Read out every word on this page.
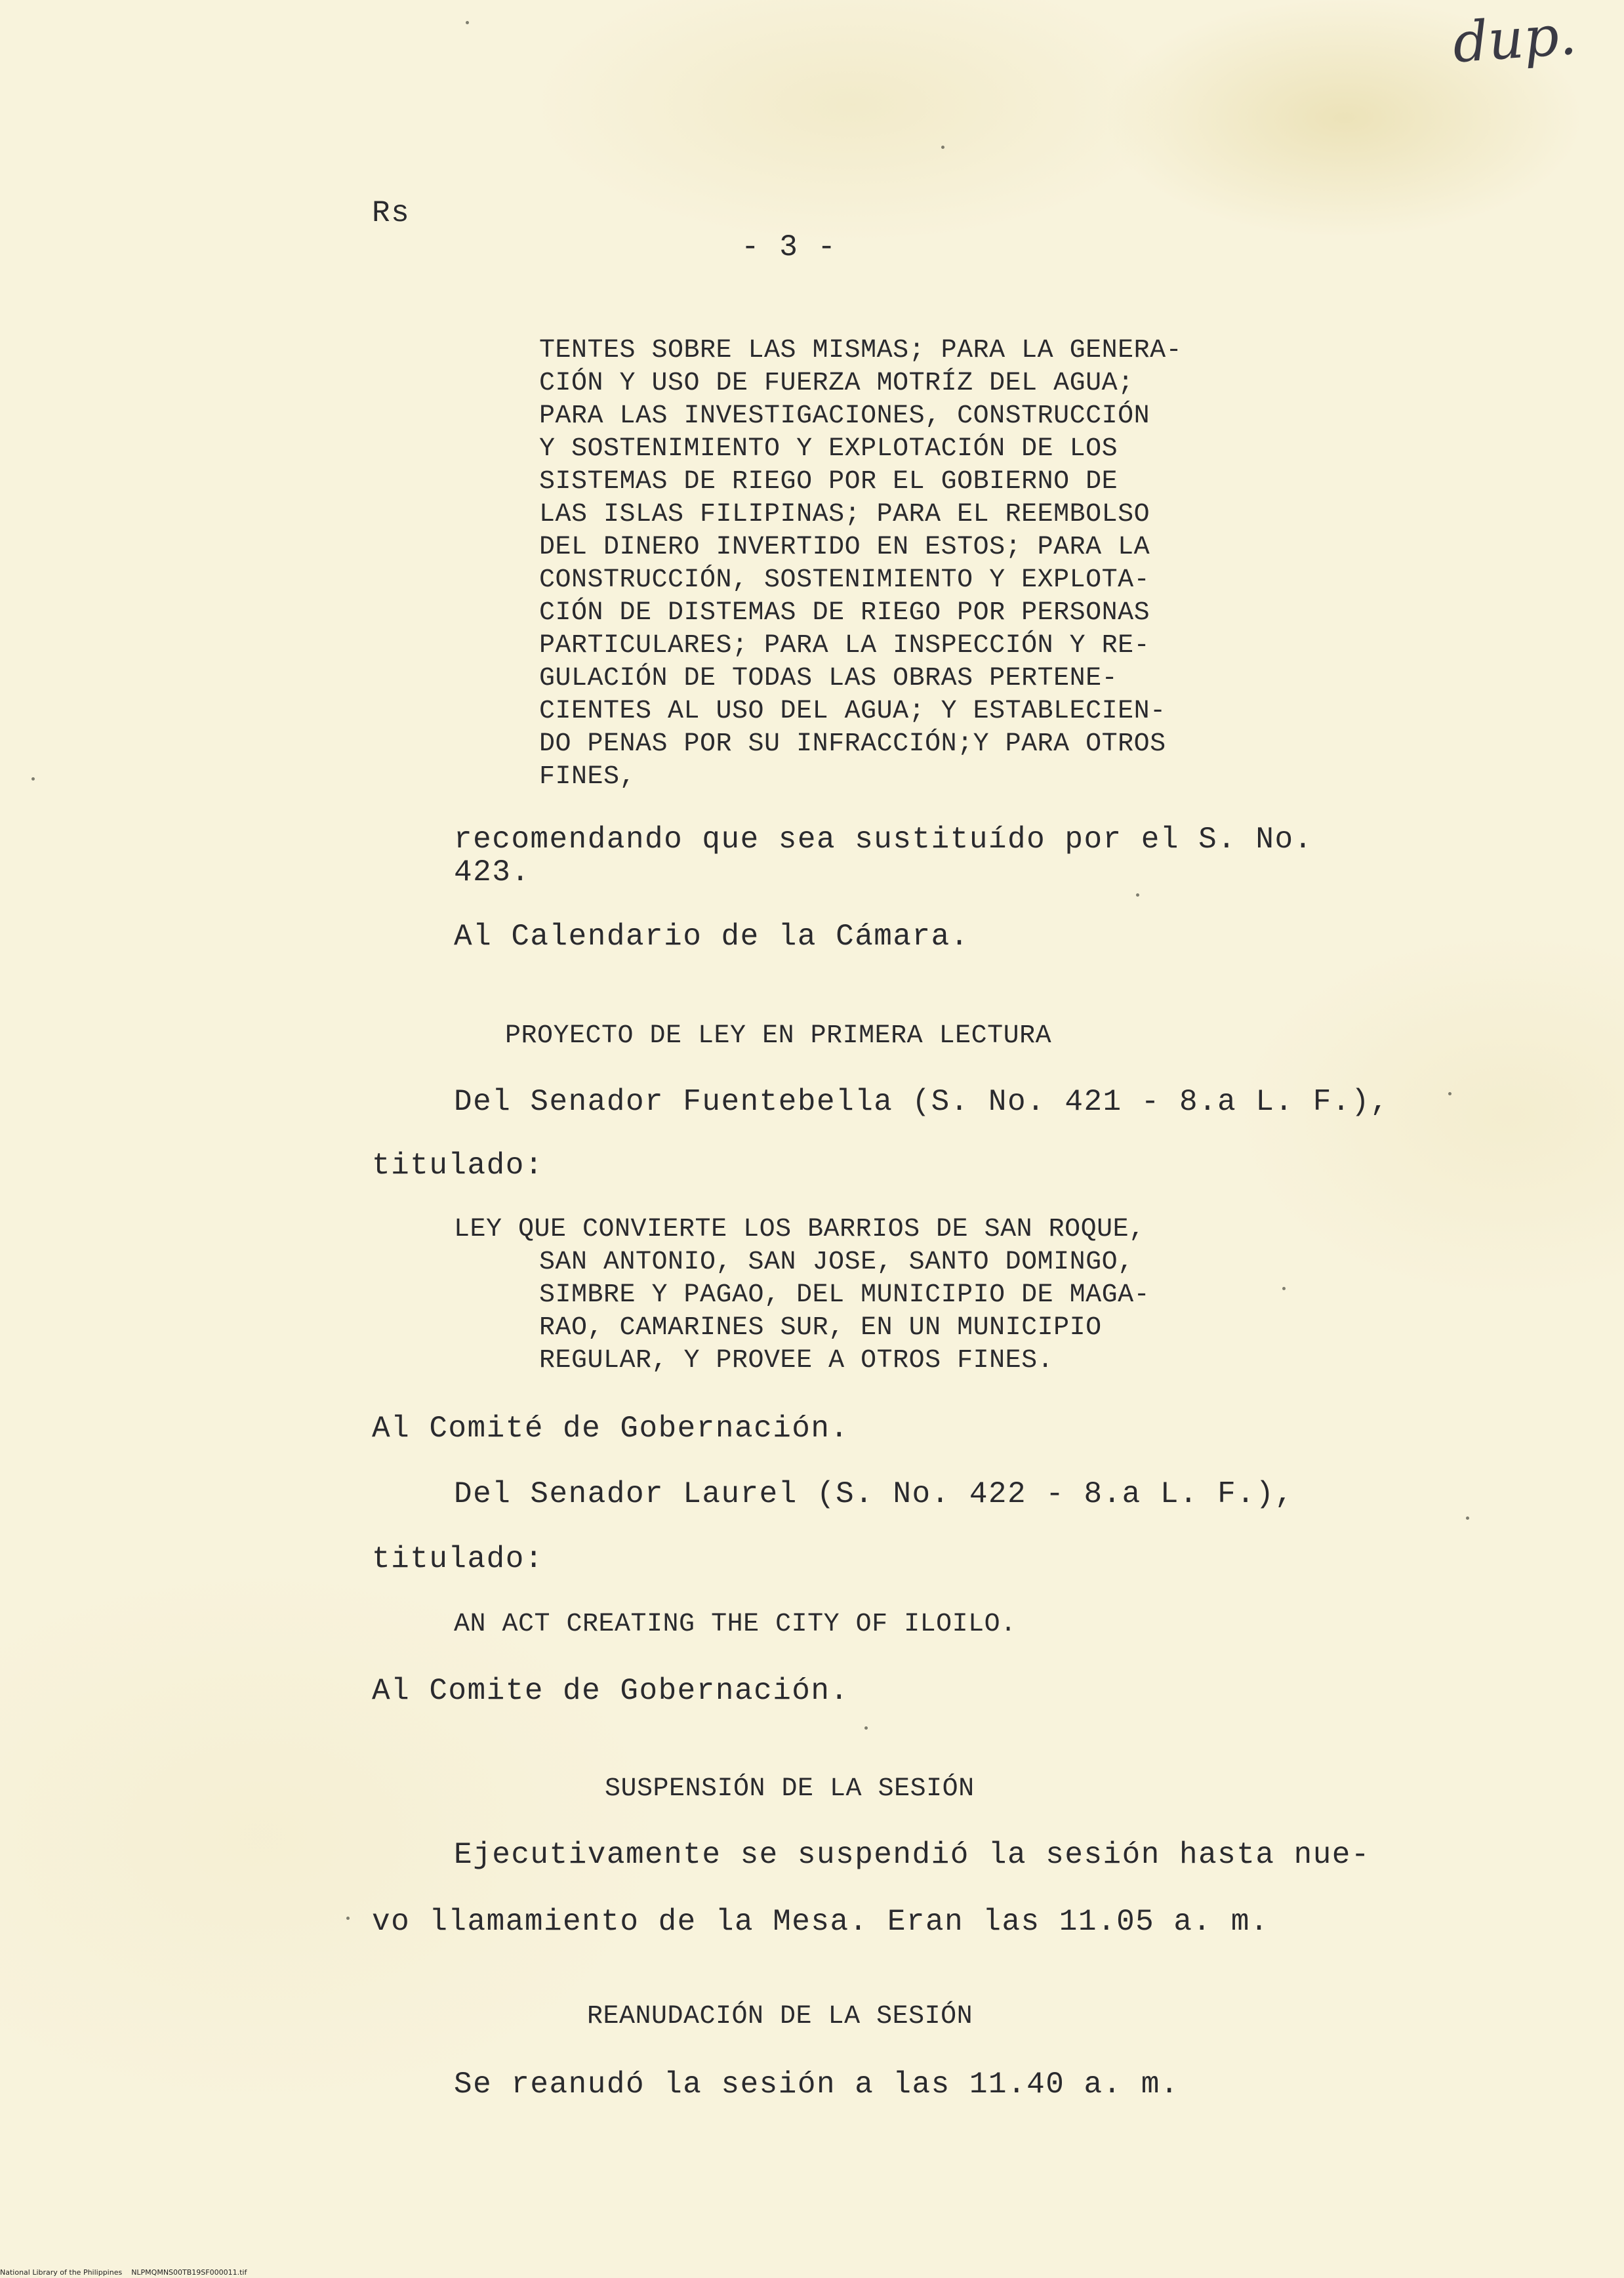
dup.
Rs
- 3 -
TENTES SOBRE LAS MISMAS; PARA LA GENERA-
CIÓN Y USO DE FUERZA MOTRÍZ DEL AGUA;
PARA LAS INVESTIGACIONES, CONSTRUCCIÓN
Y SOSTENIMIENTO Y EXPLOTACIÓN DE LOS
SISTEMAS DE RIEGO POR EL GOBIERNO DE
LAS ISLAS FILIPINAS; PARA EL REEMBOLSO
DEL DINERO INVERTIDO EN ESTOS; PARA LA
CONSTRUCCIÓN, SOSTENIMIENTO Y EXPLOTA-
CIÓN DE DISTEMAS DE RIEGO POR PERSONAS
PARTICULARES; PARA LA INSPECCIÓN Y RE-
GULACIÓN DE TODAS LAS OBRAS PERTENE-
CIENTES AL USO DEL AGUA; Y ESTABLECIEN-
DO PENAS POR SU INFRACCIÓN;Y PARA OTROS
FINES,
recomendando que sea sustituído por el S. No.
423.
Al Calendario de la Cámara.
PROYECTO DE LEY EN PRIMERA LECTURA
Del Senador Fuentebella (S. No. 421 - 8.a L. F.),
titulado:
LEY QUE CONVIERTE LOS BARRIOS DE SAN ROQUE,
SAN ANTONIO, SAN JOSE, SANTO DOMINGO,
SIMBRE Y PAGAO, DEL MUNICIPIO DE MAGA-
RAO, CAMARINES SUR, EN UN MUNICIPIO
REGULAR, Y PROVEE A OTROS FINES.
Al Comité de Gobernación.
Del Senador Laurel (S. No. 422 - 8.a L. F.),
titulado:
AN ACT CREATING THE CITY OF ILOILO.
Al Comite de Gobernación.
SUSPENSIÓN DE LA SESIÓN
Ejecutivamente se suspendió la sesión hasta nue-
vo llamamiento de la Mesa. Eran las 11.05 a. m.
REANUDACIÓN DE LA SESIÓN
Se reanudó la sesión a las 11.40 a. m.
National Library of the Philippines    NLPMQMNS00TB19SF000011.tif
